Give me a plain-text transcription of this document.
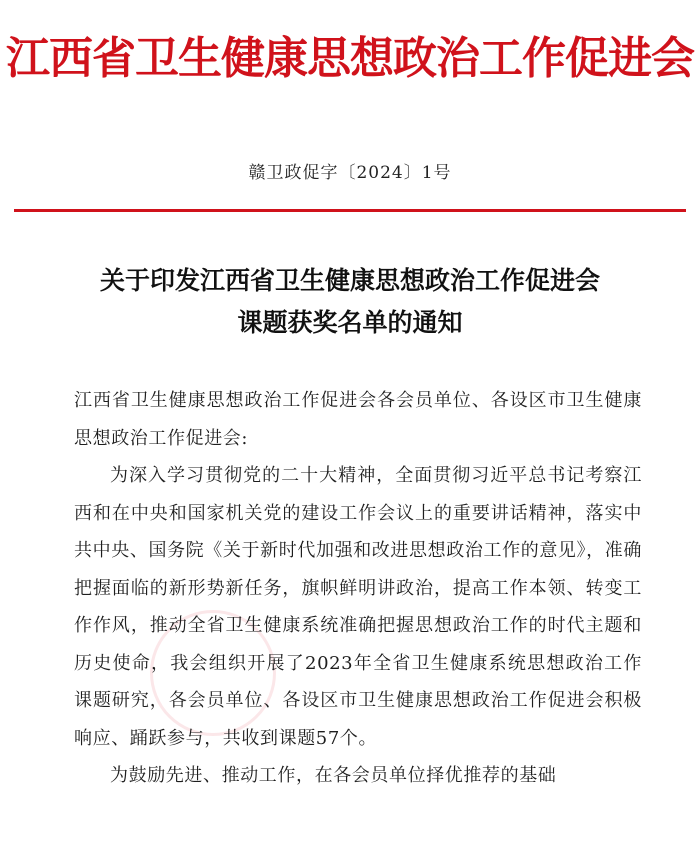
江西省卫生健康思想政治工作促进会
赣卫政促字〔2024〕1号
关于印发江西省卫生健康思想政治工作促进会
课题获奖名单的通知

江西省卫生健康思想政治工作促进会各会员单位、各设区市卫生健康思想政治工作促进会:

为深入学习贯彻党的二十大精神，全面贯彻习近平总书记考察江西和在中央和国家机关党的建设工作会议上的重要讲话精神，落实中共中央、国务院《关于新时代加强和改进思想政治工作的意见》，准确把握面临的新形势新任务，旗帜鲜明讲政治，提高工作本领、转变工作作风，推动全省卫生健康系统准确把握思想政治工作的时代主题和历史使命，我会组织开展了2023年全省卫生健康系统思想政治工作课题研究，各会员单位、各设区市卫生健康思想政治工作促进会积极响应、踊跃参与，共收到课题57个。

为鼓励先进、推动工作，在各会员单位择优推荐的基础
